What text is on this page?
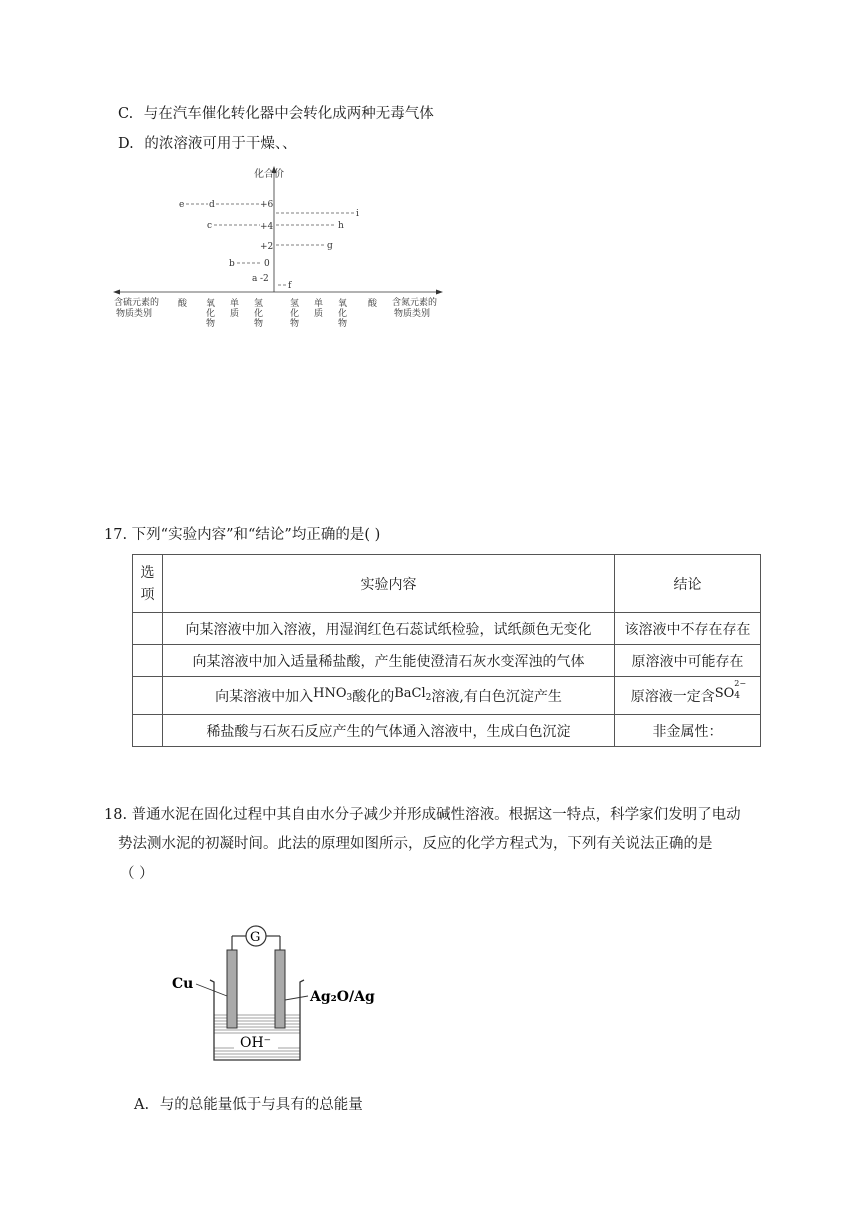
C. 与在汽车催化转化器中会转化成两种无毒气体
D. 的浓溶液可用于干燥、、
化合价
+6
+4
+2
0
-2
e	d
c
b
a
i
h
g
f
含硫元素的
物质类别
含氮元素的
物质类别
酸 氧
化
物
单
质
氢
化
物
氢
化
物
单
质
氧
化
物
酸
17. 下列“实验内容”和“结论”均正确的是( )
选项	实验内容	结论
	向某溶液中加入溶液，用湿润红色石蕊试纸检验，试纸颜色无变化	该溶液中不存在存在
	向某溶液中加入适量稀盐酸，产生能使澄清石灰水变浑浊的气体	原溶液中可能存在
	向某溶液中加入$HNO_3$酸化的BaCl$_2$溶液,有白色沉淀产生	原溶液一定含SO
2−
4

	稀盐酸与石灰石反应产生的气体通入溶液中，生成白色沉淀	非金属性：
18. 普通水泥在固化过程中其自由水分子减少并形成碱性溶液。根据这一特点，科学家们发明了电动
势法测水泥的初凝时间。此法的原理如图所示，反应的化学方程式为，下列有关说法正确的是
（ ）
G
Cu
Ag₂O/Ag
OH⁻
A. 与的总能量低于与具有的总能量
